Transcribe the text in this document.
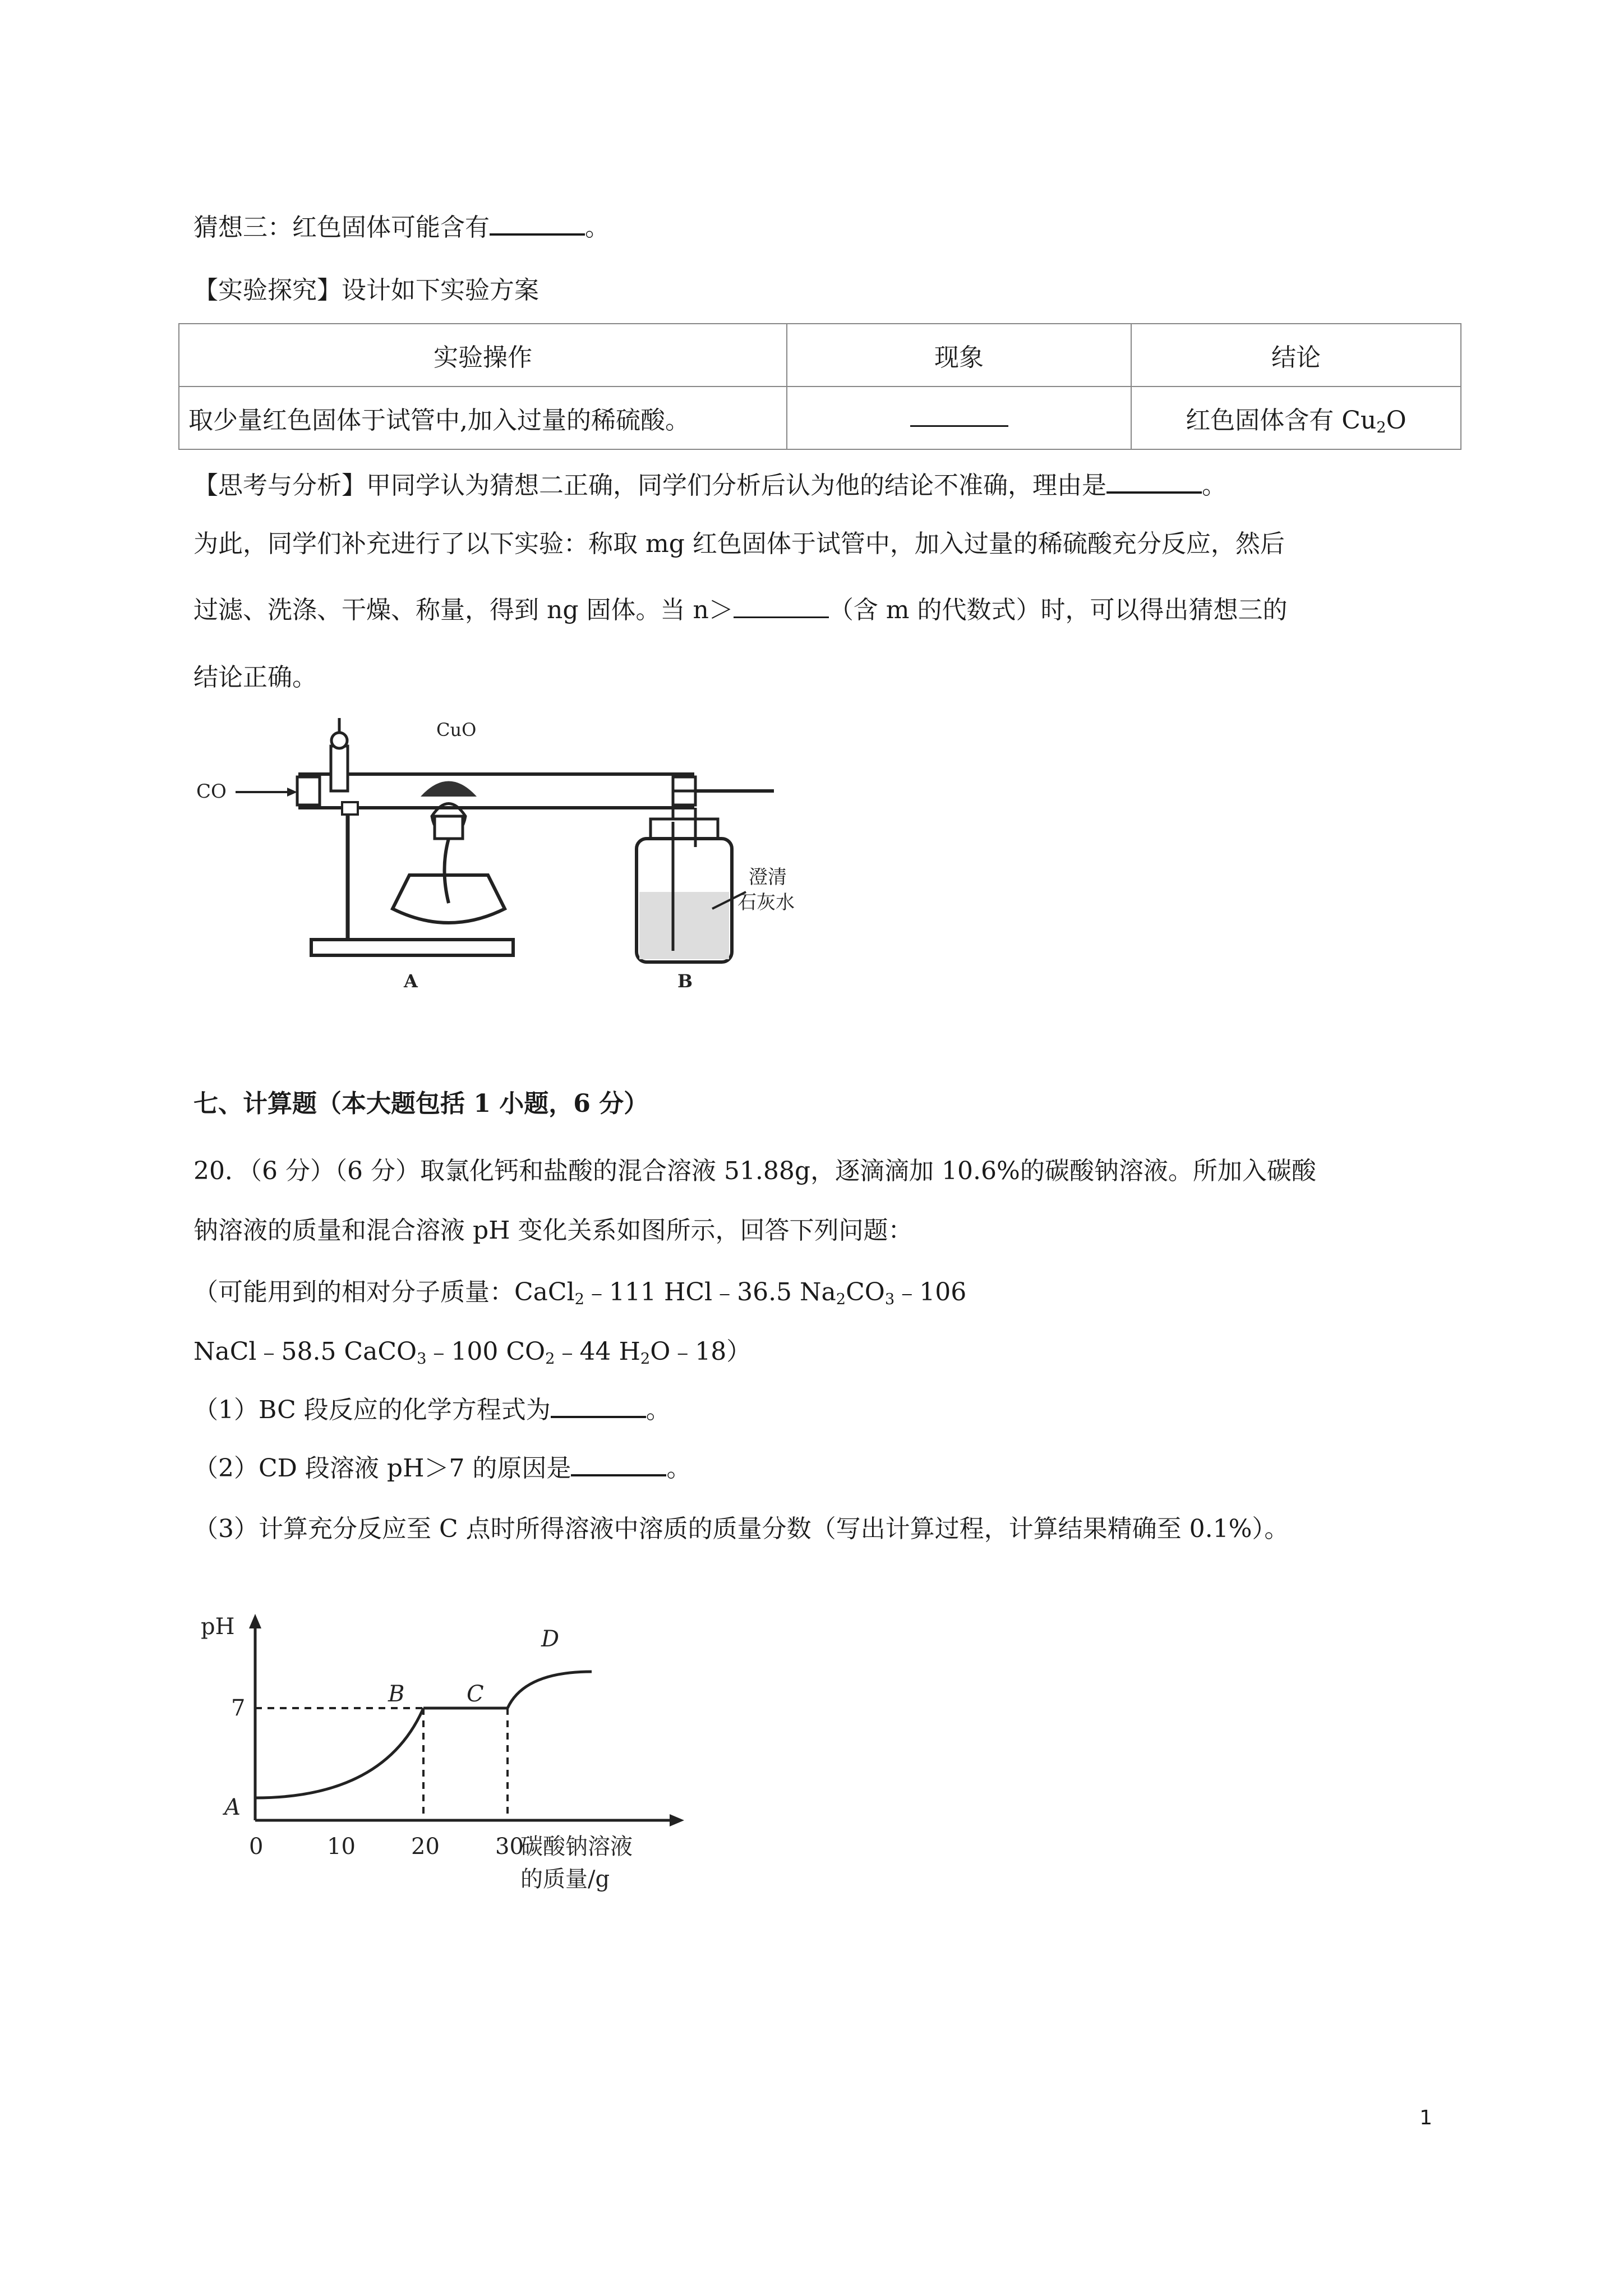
猜想三：红色固体可能含有	。
【实验探究】设计如下实验方案
实验操作	现象	结论
取少量红色固体于试管中,加入过量的稀硫酸。		红色固体含有 $Cu_2O$
【思考与分析】甲同学认为猜想二正确，同学们分析后认为他的结论不准确，理由是	。
为此，同学们补充进行了以下实验：称取 mg 红色固体于试管中，加入过量的稀硫酸充分反应，然后
过滤、洗涤、干燥、称量，得到 ng 固体。当 n＞	（含 m 的代数式）时，可以得出猜想三的
结论正确。
CO
CuO
A
澄清
石灰水
B
七、计算题（本大题包括 1 小题，6 分）
20．（6 分）（6 分）取氯化钙和盐酸的混合溶液 51.88g，逐滴滴加 10.6%的碳酸钠溶液。所加入碳酸
钠溶液的质量和混合溶液 pH 变化关系如图所示，回答下列问题：
（可能用到的相对分子质量：CaCl$_2$﹣111 HCl﹣36.5 $Na_2CO_3﹣106$
NaCl﹣58.5 CaCO$_3$﹣100 $CO_2﹣44$ $H_2O﹣18$）
（1）BC 段反应的化学方程式为	。
（2）CD 段溶液 pH＞7 的原因是	。
（3）计算充分反应至 C 点时所得溶液中溶质的质量分数（写出计算过程，计算结果精确至 0.1%）。
pH
7
A
0	10 20 30
B	C
D
碳酸钠溶液
的质量/g
1
